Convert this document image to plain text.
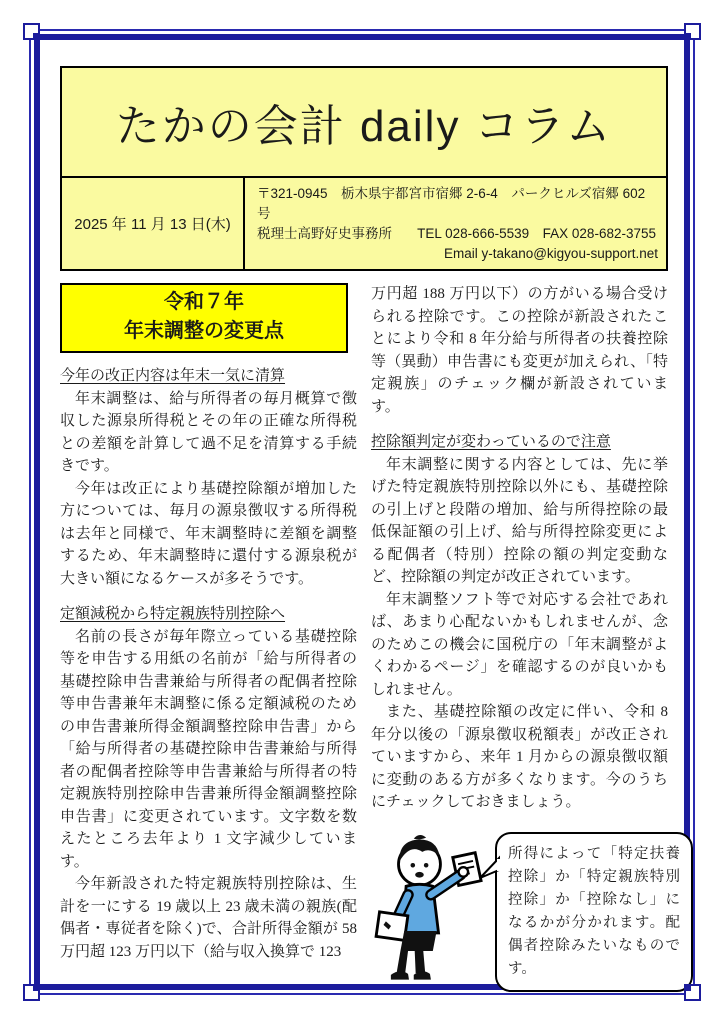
たかの会計 daily コラム
2025 年 11 月 13 日(木)
〒321-0945　栃木県宇都宮市宿郷 2-6-4　パークヒルズ宿郷 602 号
税理士高野好史事務所 TEL 028-666-5539　FAX 028-682-3755
Email y-takano@kigyou-support.net
令和７年
年末調整の変更点
今年の改正内容は年末一気に清算

年末調整は、給与所得者の毎月概算で徴収した源泉所得税とその年の正確な所得税との差額を計算して過不足を清算する手続きです。

今年は改正により基礎控除額が増加した方については、毎月の源泉徴収する所得税は去年と同様で、年末調整時に差額を調整するため、年末調整時に還付する源泉税が大きい額になるケースが多そうです。

定額減税から特定親族特別控除へ

名前の長さが毎年際立っている基礎控除等を申告する用紙の名前が「給与所得者の基礎控除申告書兼給与所得者の配偶者控除等申告書兼年末調整に係る定額減税のための申告書兼所得金額調整控除申告書」から「給与所得者の基礎控除申告書兼給与所得者の配偶者控除等申告書兼給与所得者の特定親族特別控除申告書兼所得金額調整控除申告書」に変更されています。文字数を数えたところ去年より 1 文字減少しています。

今年新設された特定親族特別控除は、生計を一にする 19 歳以上 23 歳未満の親族(配偶者・専従者を除く)で、合計所得金額が 58 万円超 123 万円以下（給与収入換算で 123

万円超 188 万円以下）の方がいる場合受けられる控除です。この控除が新設されたことにより令和 8 年分給与所得者の扶養控除等（異動）申告書にも変更が加えられ、「特定親族」のチェック欄が新設されています。

控除額判定が変わっているので注意

年末調整に関する内容としては、先に挙げた特定親族特別控除以外にも、基礎控除の引上げと段階の増加、給与所得控除の最低保証額の引上げ、給与所得控除変更による配偶者（特別）控除の額の判定変動など、控除額の判定が改正されています。

年末調整ソフト等で対応する会社であれば、あまり心配ないかもしれませんが、念のためこの機会に国税庁の「年末調整がよくわかるページ」を確認するのが良いかもしれません。

また、基礎控除額の改定に伴い、令和 8 年分以後の「源泉徴収税額表」が改正されていますから、来年 1 月からの源泉徴収額に変動のある方が多くなります。今のうちにチェックしておきましょう。

所得によって「特定扶養控除」か「特定親族特別控除」か「控除なし」になるかが分かれます。配偶者控除みたいなものです。
